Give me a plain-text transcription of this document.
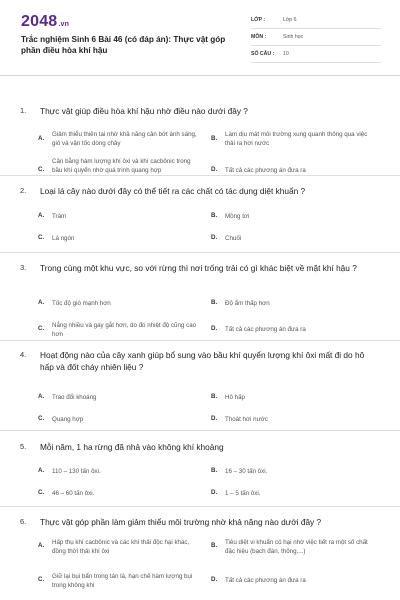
2048.vn
Trắc nghiệm Sinh 6 Bài 46 (có đáp án): Thực vật góp phần điều hòa khí hậu
LỚP :	Lớp 6
MÔN :	Sinh học
SỐ CÂU :	10
1. Thực vật giúp điều hòa khí hậu nhờ điều nào dưới đây ?
A.
Giảm thiểu thiên tai nhờ khả năng cản bớt ánh sáng, gió và vận tốc dòng chảy
B.
Làm dịu mát môi trường xung quanh thông qua việc thải ra hơi nước
C.
Cân bằng hàm lượng khí ôxi và khí cacbônic trong bầu khí quyển nhờ quá trình quang hợp	D. Tất cả các phương án đưa ra
2. Loại lá cây nào dưới đây có thể tiết ra các chất có tác dụng diệt khuẩn ?
A. Tràm	B. Mồng tơi
C. Lá ngón	D. Chuối
3. Trong cùng một khu vực, so với rừng thì nơi trống trải có gì khác biệt về mặt khí hậu ?
A. Tốc độ gió mạnh hơn	B. Độ ẩm thấp hơn
C. Nắng nhiều và gay gắt hơn, do đó nhiệt độ cũng cao hơn
D. Tất cả các phương án đưa ra
4. Hoạt động nào của cây xanh giúp bổ sung vào bầu khí quyển lượng khí ôxi mất đi do hô hấp và đốt cháy nhiên liệu ?
A. Trao đổi khoáng	B. Hô hấp
C. Quang hợp	D. Thoát hơi nước
5. Mỗi năm, 1 ha rừng đã nhả vào không khí khoảng
A. 110 – 130 tấn ôxi.	B. 16 – 30 tấn ôxi.
C. 46 – 60 tấn ôxi.	D. 1 – 5 tấn ôxi.
6. Thực vật góp phần làm giảm thiểu môi trường nhờ khả năng nào dưới đây ?
A. Hấp thụ khí cacbônic và các khí thải độc hại khác, đồng thời thải khí ôxi
B. Tiêu diệt vi khuẩn có hại nhờ việc tiết ra một số chất đặc hiệu (bạch đàn, thông,...)
C. Giữ lại bụi bẩn trong tán lá, hạn chế hàm lượng bụi trong không khí
D. Tất cả các phương án đưa ra
